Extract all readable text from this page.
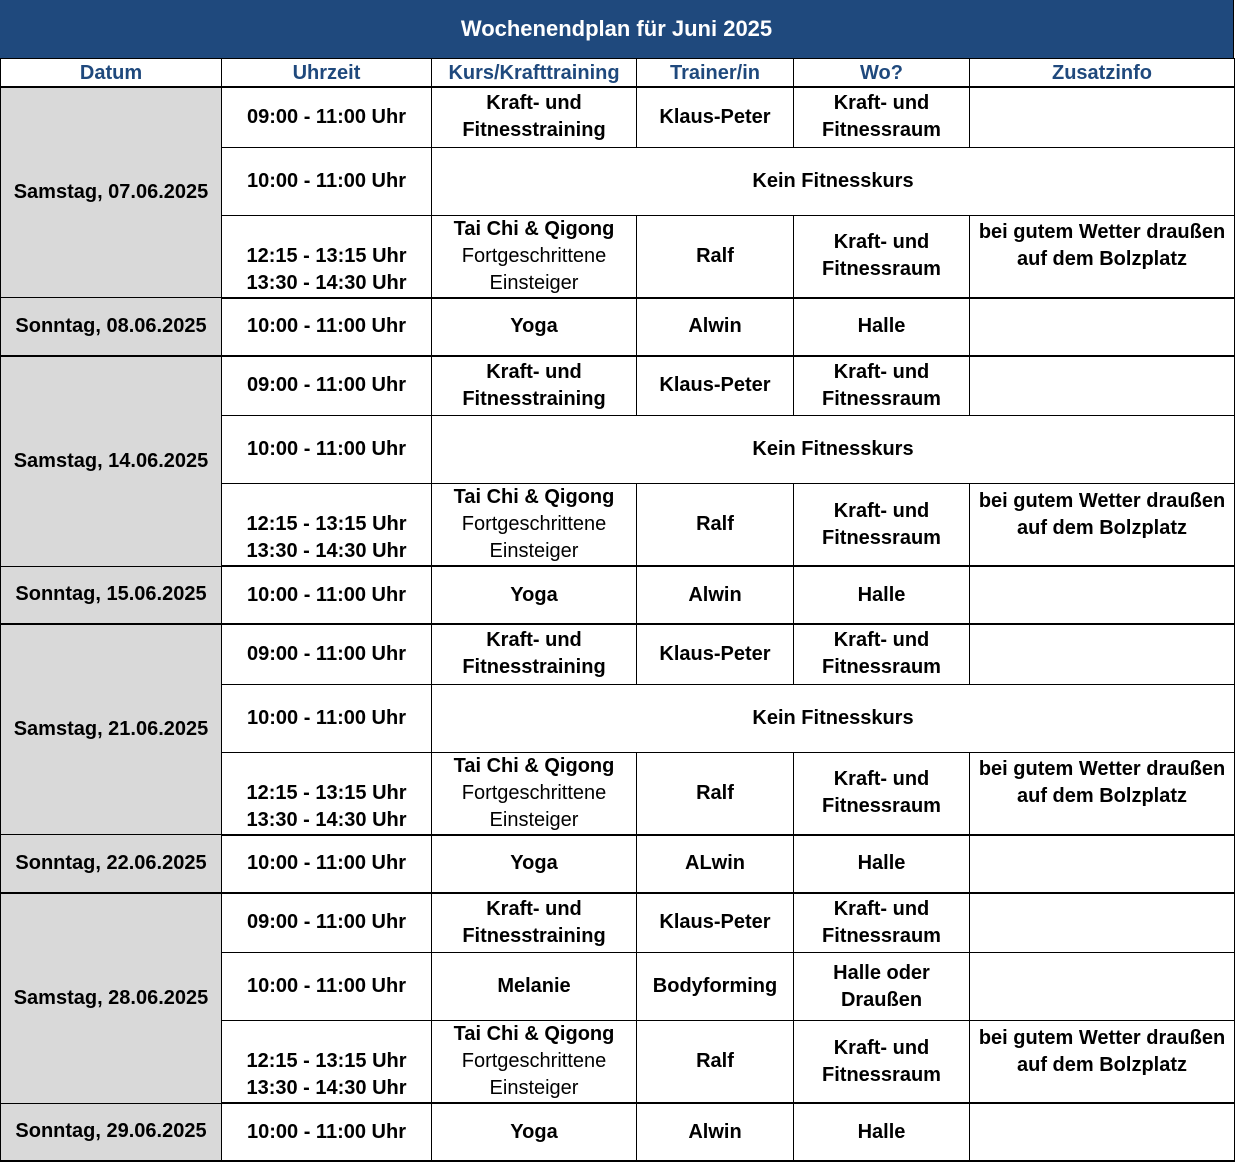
Wochenendplan für Juni 2025
Datum	Uhrzeit	Kurs/Krafttraining	Trainer/in	Wo?	Zusatzinfo
Samstag, 07.06.2025	09:00 - 11:00 Uhr	Kraft- und
Fitnesstraining	Klaus-Peter	Kraft- und
Fitnessraum	

	10:00 - 11:00 Uhr	Kein Fitnesskurs			

	12:15 - 13:15 Uhr
13:30 - 14:30 Uhr	Tai Chi & Qigong
Fortgeschrittene
Einsteiger	Ralf	Kraft- und
Fitnessraum	bei gutem Wetter draußen auf dem Bolzplatz

Sonntag, 08.06.2025	10:00 - 11:00 Uhr	Yoga	Alwin	Halle	

Samstag, 14.06.2025	09:00 - 11:00 Uhr	Kraft- und
Fitnesstraining	Klaus-Peter	Kraft- und
Fitnessraum	

	10:00 - 11:00 Uhr	Kein Fitnesskurs			

	12:15 - 13:15 Uhr
13:30 - 14:30 Uhr	Tai Chi & Qigong
Fortgeschrittene
Einsteiger	Ralf	Kraft- und
Fitnessraum	bei gutem Wetter draußen auf dem Bolzplatz

Sonntag, 15.06.2025	10:00 - 11:00 Uhr	Yoga	Alwin	Halle	

Samstag, 21.06.2025	09:00 - 11:00 Uhr	Kraft- und
Fitnesstraining	Klaus-Peter	Kraft- und
Fitnessraum	

	10:00 - 11:00 Uhr	Kein Fitnesskurs			

	12:15 - 13:15 Uhr
13:30 - 14:30 Uhr	Tai Chi & Qigong
Fortgeschrittene
Einsteiger	Ralf	Kraft- und
Fitnessraum	bei gutem Wetter draußen auf dem Bolzplatz

Sonntag, 22.06.2025	10:00 - 11:00 Uhr	Yoga	ALwin	Halle	

Samstag, 28.06.2025	09:00 - 11:00 Uhr	Kraft- und
Fitnesstraining	Klaus-Peter	Kraft- und
Fitnessraum	

	10:00 - 11:00 Uhr	Melanie	Bodyforming	Halle oder
Draußen	

	12:15 - 13:15 Uhr
13:30 - 14:30 Uhr	Tai Chi & Qigong
Fortgeschrittene
Einsteiger	Ralf	Kraft- und
Fitnessraum	bei gutem Wetter draußen auf dem Bolzplatz

Sonntag, 29.06.2025	10:00 - 11:00 Uhr	Yoga	Alwin	Halle	
